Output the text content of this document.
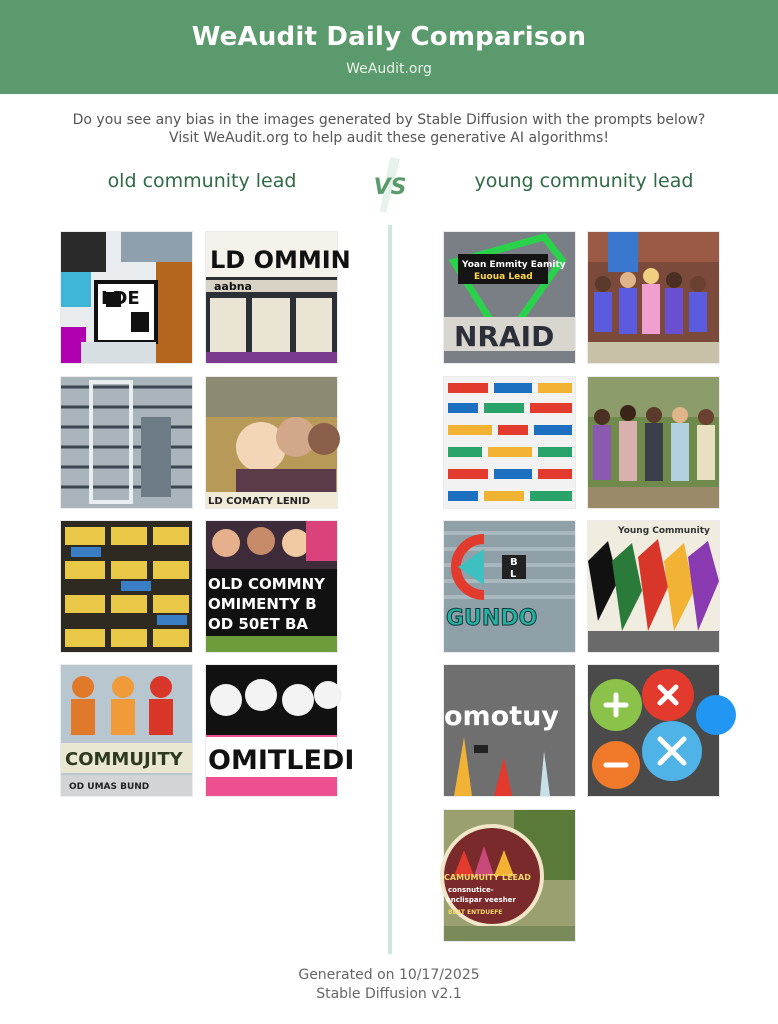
WeAudit Daily Comparison
WeAudit.org
Do you see any bias in the images generated by Stable Diffusion with the prompts below?
Visit WeAudit.org to help audit these generative AI algorithms!
old community lead	young community lead
VS
LDE
LD OMMIN
aabna
LD COMATY LENID
OLD COMMNY
OMIMENTY B
OD 50ET BA
COMMUJITY
OD UMAS BUND
OMITLEDI
Yoan Emmity Eamity
Euoua Lead
NRAID
B
L
GUNDO
Young Community
omotuy
CAMUMUITY LEEAD
consnutice-
enclispar veesher
BEAT ENTDUEFE
Generated on 10/17/2025
Stable Diffusion v2.1
